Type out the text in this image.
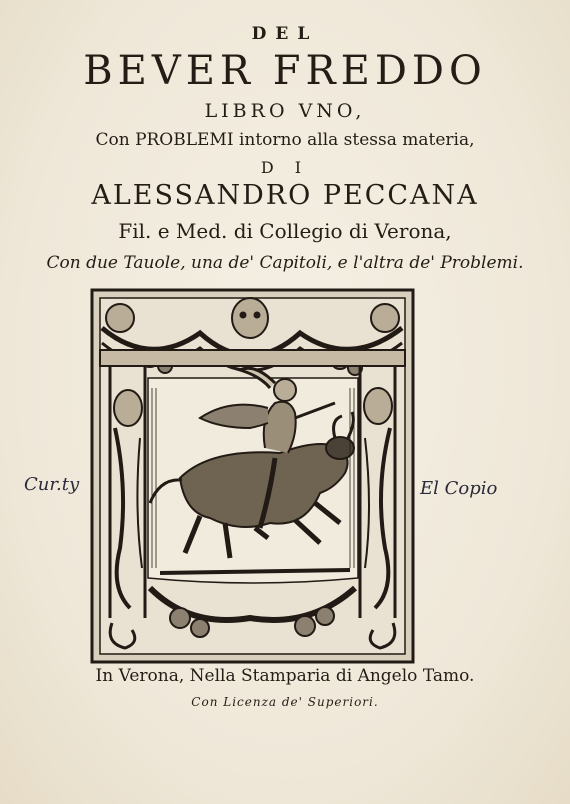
DEL
BEVER FREDDO
LIBRO VNO,
Con PROBLEMI intorno alla stessa materia,
D I
ALESSANDRO PECCANA
Fil. e Med. di Collegio di Verona,
Con due Tauole, una de' Capitoli, e l'altra de' Problemi.
Cur.ty	El Copio
In Verona, Nella Stamparia di Angelo Tamo.
Con Licenza de' Superiori.
